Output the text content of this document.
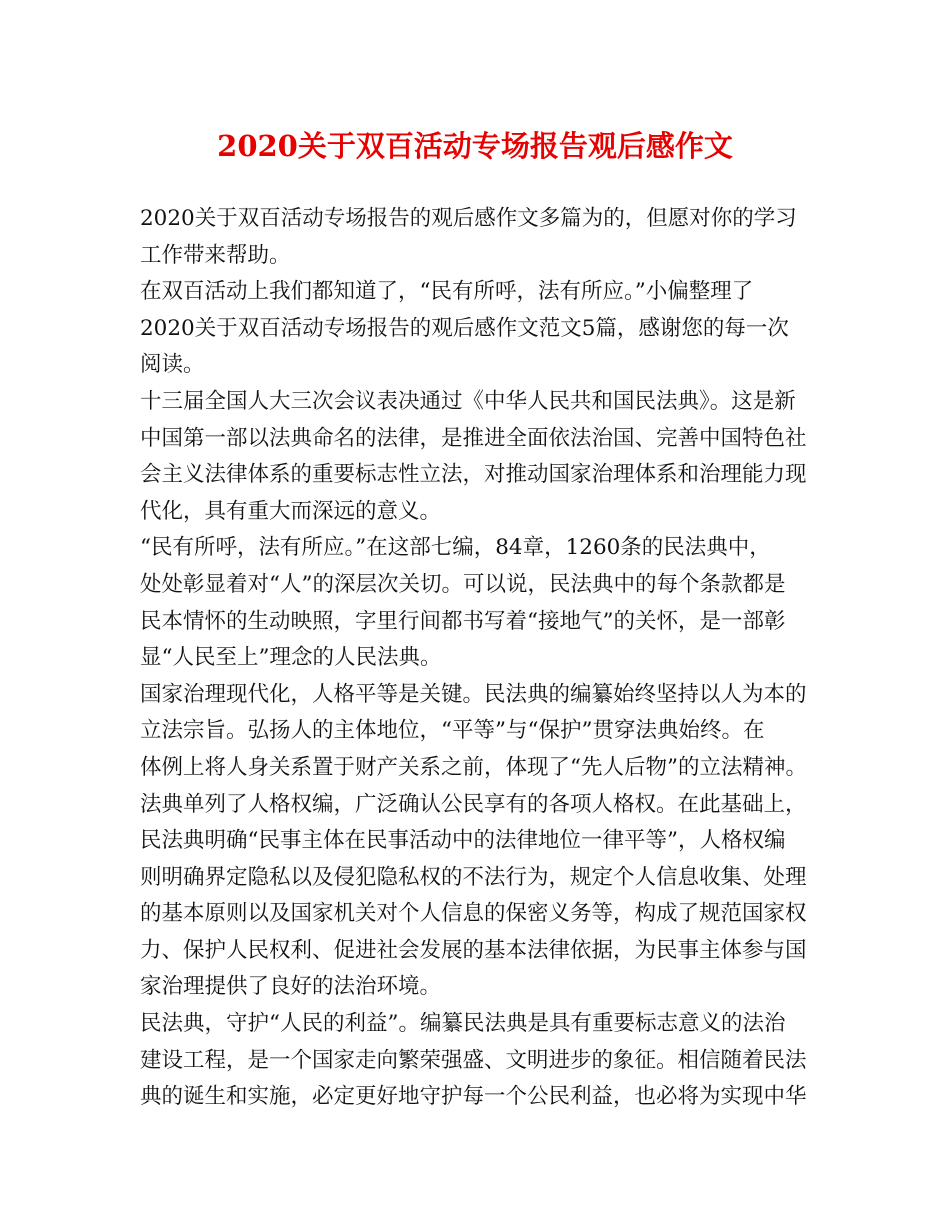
2020关于双百活动专场报告观后感作文
2020关于双百活动专场报告的观后感作文多篇为的，但愿对你的学习
工作带来帮助。
在双百活动上我们都知道了，“民有所呼，法有所应。”小偏整理了
2020关于双百活动专场报告的观后感作文范文5篇，感谢您的每一次
阅读。
十三届全国人大三次会议表决通过《中华人民共和国民法典》。这是新
中国第一部以法典命名的法律，是推进全面依法治国、完善中国特色社
会主义法律体系的重要标志性立法，对推动国家治理体系和治理能力现
代化，具有重大而深远的意义。
“民有所呼，法有所应。”在这部七编，84章，1260条的民法典中，
处处彰显着对“人”的深层次关切。可以说，民法典中的每个条款都是
民本情怀的生动映照，字里行间都书写着“接地气”的关怀，是一部彰
显“人民至上”理念的人民法典。
国家治理现代化，人格平等是关键。民法典的编纂始终坚持以人为本的
立法宗旨。弘扬人的主体地位，“平等”与“保护”贯穿法典始终。在
体例上将人身关系置于财产关系之前，体现了“先人后物”的立法精神。
法典单列了人格权编，广泛确认公民享有的各项人格权。在此基础上，
民法典明确“民事主体在民事活动中的法律地位一律平等”，人格权编
则明确界定隐私以及侵犯隐私权的不法行为，规定个人信息收集、处理
的基本原则以及国家机关对个人信息的保密义务等，构成了规范国家权
力、保护人民权利、促进社会发展的基本法律依据，为民事主体参与国
家治理提供了良好的法治环境。
民法典，守护“人民的利益”。编纂民法典是具有重要标志意义的法治
建设工程，是一个国家走向繁荣强盛、文明进步的象征。相信随着民法
典的诞生和实施，必定更好地守护每一个公民利益，也必将为实现中华
